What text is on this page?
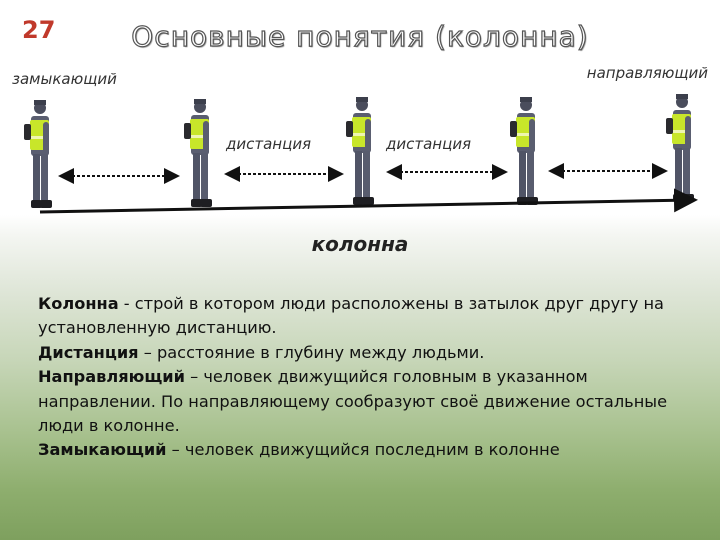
27	Основные понятия (колонна)
замыкающий	направляющий
дистанция	дистанция
колонна

Колонна - строй в котором люди расположены в затылок друг другу на установленную дистанцию.

Дистанция – расстояние в глубину между людьми.

Направляющий – человек движущийся головным в указанном направлении. По направляющему сообразуют своё движение остальные люди в колонне.

Замыкающий – человек движущийся последним в колонне
